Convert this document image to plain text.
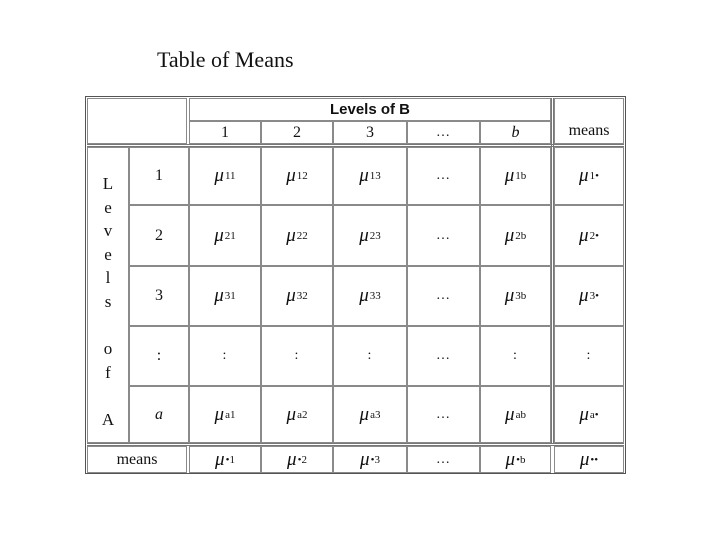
Table of Means
Levels of B
1	2	3	…	b	means
L
e
v
e
l
s
o
f
A
1	μ 11	μ 12	μ 13	…	μ 1b	μ 1•
2	μ 21	μ 22	μ 23	…	μ 2b	μ 2•
3	μ 31	μ 32	μ 33	…	μ 3b	μ 3•
:	:	:	:	…	:	:
a	μ a1	μ a2	μ a3	…	μ ab	μ a•
means	μ •1	μ •2	μ •3	…	μ •b	μ ••
